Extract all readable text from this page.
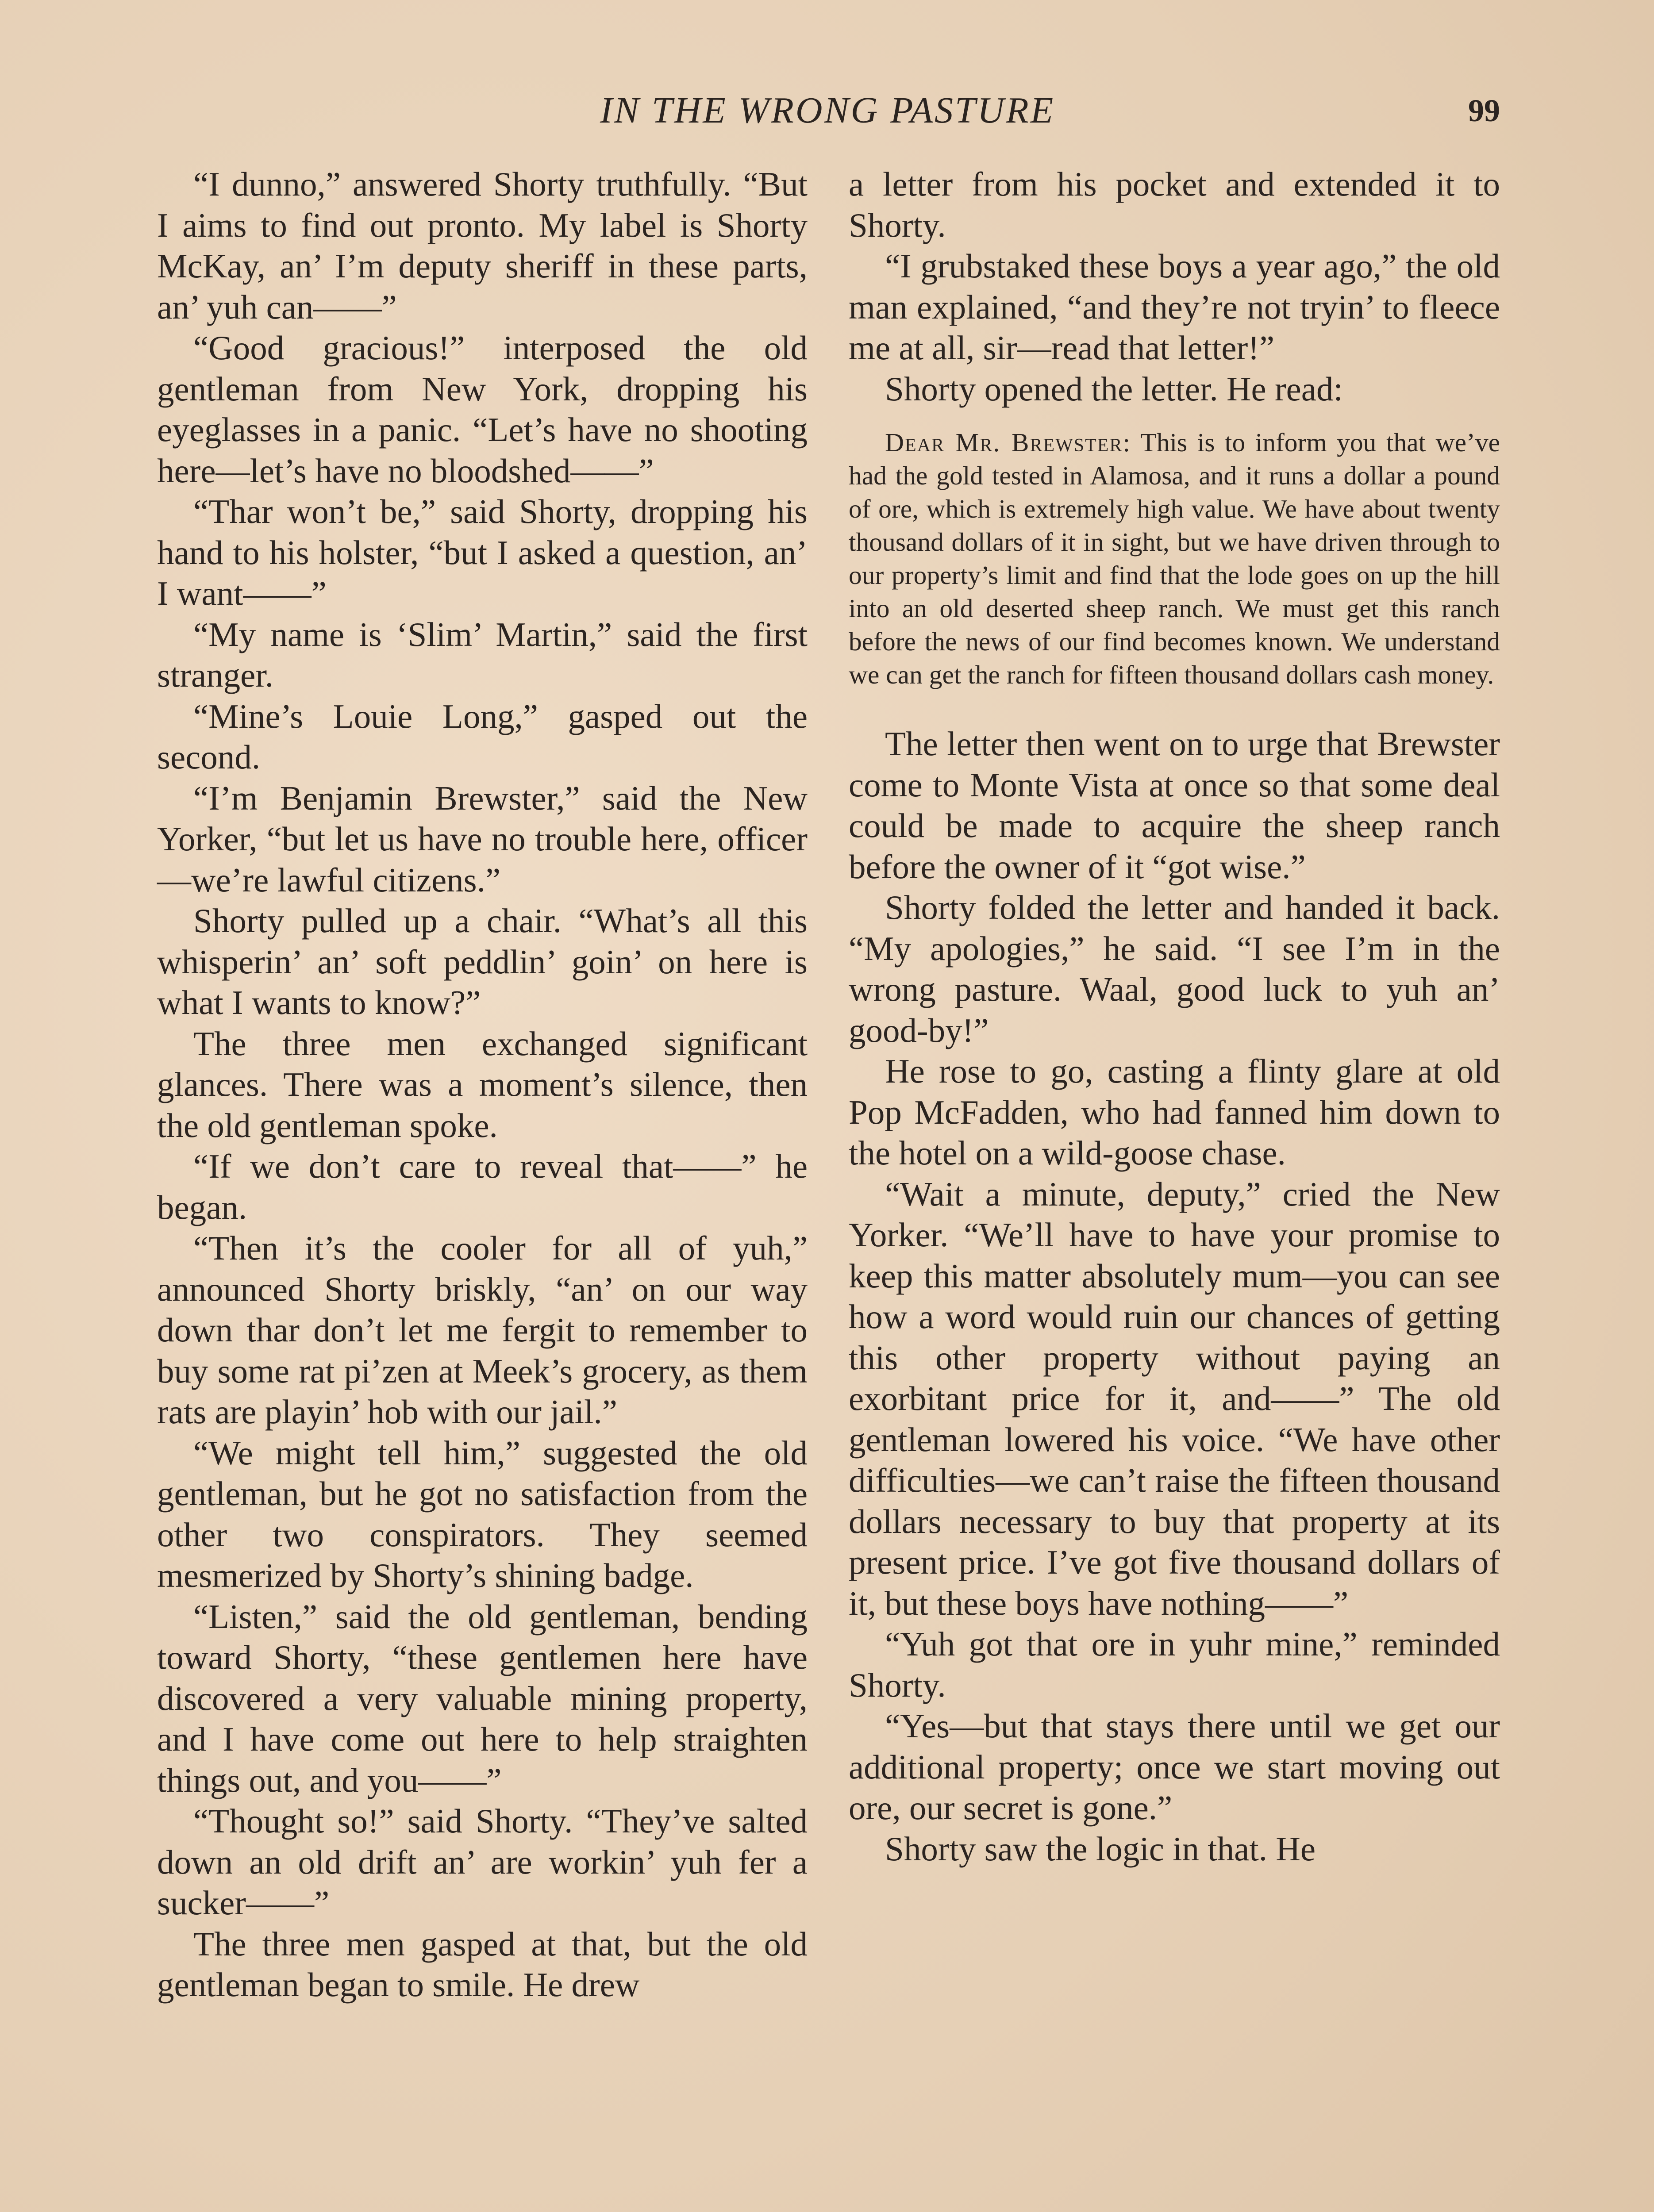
IN THE WRONG PASTURE	99

“I dunno,” answered Shorty truthfully. “But I aims to find out pronto. My label is Shorty McKay, an’ I’m deputy sheriff in these parts, an’ yuh can——”

“Good gracious!” interposed the old gentleman from New York, dropping his eyeglasses in a panic. “Let’s have no shooting here—let’s have no bloodshed——”

“Thar won’t be,” said Shorty, dropping his hand to his holster, “but I asked a question, an’ I want——”

“My name is ‘Slim’ Martin,” said the first stranger.

“Mine’s Louie Long,” gasped out the second.

“I’m Benjamin Brewster,” said the New Yorker, “but let us have no trouble here, officer—we’re lawful citizens.”

Shorty pulled up a chair. “What’s all this whisperin’ an’ soft peddlin’ goin’ on here is what I wants to know?”

The three men exchanged significant glances. There was a moment’s silence, then the old gentleman spoke.

“If we don’t care to reveal that——” he began.

“Then it’s the cooler for all of yuh,” announced Shorty briskly, “an’ on our way down thar don’t let me fergit to remember to buy some rat pi’zen at Meek’s grocery, as them rats are playin’ hob with our jail.”

“We might tell him,” suggested the old gentleman, but he got no satisfaction from the other two conspirators. They seemed mesmerized by Shorty’s shining badge.

“Listen,” said the old gentleman, bending toward Shorty, “these gentlemen here have discovered a very valuable mining property, and I have come out here to help straighten things out, and you——”

“Thought so!” said Shorty. “They’ve salted down an old drift an’ are workin’ yuh fer a sucker——”

The three men gasped at that, but the old gentleman began to smile. He drew

a letter from his pocket and extended it to Shorty.

“I grubstaked these boys a year ago,” the old man explained, “and they’re not tryin’ to fleece me at all, sir—read that letter!”

Shorty opened the letter. He read:

Dear Mr. Brewster: This is to inform you that we’ve had the gold tested in Alamosa, and it runs a dollar a pound of ore, which is extremely high value. We have about twenty thousand dollars of it in sight, but we have driven through to our property’s limit and find that the lode goes on up the hill into an old deserted sheep ranch. We must get this ranch before the news of our find becomes known. We understand we can get the ranch for fifteen thousand dollars cash money.

The letter then went on to urge that Brewster come to Monte Vista at once so that some deal could be made to acquire the sheep ranch before the owner of it “got wise.”

Shorty folded the letter and handed it back. “My apologies,” he said. “I see I’m in the wrong pasture. Waal, good luck to yuh an’ good-by!”

He rose to go, casting a flinty glare at old Pop McFadden, who had fanned him down to the hotel on a wild-goose chase.

“Wait a minute, deputy,” cried the New Yorker. “We’ll have to have your promise to keep this matter absolutely mum—you can see how a word would ruin our chances of getting this other property without paying an exorbitant price for it, and——” The old gentleman lowered his voice. “We have other difficulties—we can’t raise the fifteen thousand dollars necessary to buy that property at its present price. I’ve got five thousand dollars of it, but these boys have nothing——”

“Yuh got that ore in yuhr mine,” reminded Shorty.

“Yes—but that stays there until we get our additional property; once we start moving out ore, our secret is gone.”

Shorty saw the logic in that. He
